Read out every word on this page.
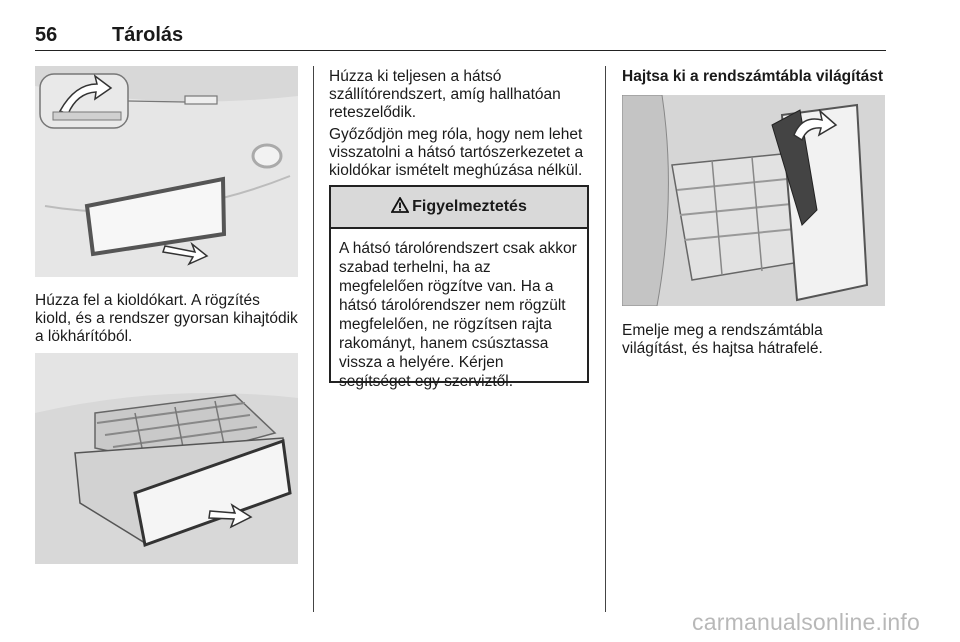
56	Tárolás

Húzza fel a kioldókart. A rögzítés kiold, és a rendszer gyorsan kihajtódik a lökhárítóból.

Húzza ki teljesen a hátsó szállítórendszert, amíg hallhatóan reteszelődik.

Győződjön meg róla, hogy nem lehet visszatolni a hátsó tartószerkezetet a kioldókar ismételt meghúzása nélkül.

Figyelmeztetés
A hátsó tárolórendszert csak akkor szabad terhelni, ha az megfelelően rögzítve van. Ha a hátsó tárolórendszer nem rögzült megfelelően, ne rögzítsen rajta rakományt, hanem csúsztassa vissza a helyére. Kérjen segítséget egy szerviztől.

Hajtsa ki a rendszámtábla világítást

Emelje meg a rendszámtábla világítást, és hajtsa hátrafelé.

carmanualsonline.info
